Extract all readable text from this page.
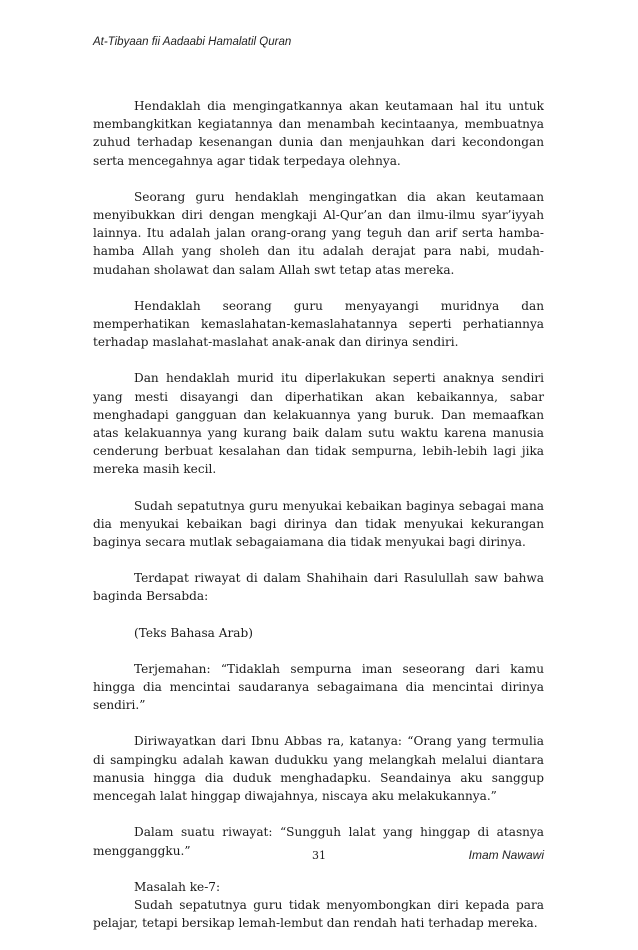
At-Tibyaan fii Aadaabi Hamalatil Quran

Hendaklah dia mengingatkannya akan keutamaan hal itu untuk membangkitkan kegiatannya dan menambah kecintaanya, membuatnya zuhud terhadap kesenangan dunia dan menjauhkan dari kecondongan serta mencegahnya agar tidak terpedaya olehnya.

Seorang guru hendaklah mengingatkan dia akan keutamaan menyibukkan diri dengan mengkaji Al-Qur’an dan ilmu-ilmu syar’iyyah lainnya. Itu adalah jalan orang-orang yang teguh dan arif serta hamba-hamba Allah yang sholeh dan itu adalah derajat para nabi, mudah-mudahan sholawat dan salam Allah swt tetap atas mereka.

Hendaklah seorang guru menyayangi muridnya dan memperhatikan kemaslahatan-kemaslahatannya seperti perhatiannya terhadap maslahat-maslahat anak-anak dan dirinya sendiri.

Dan hendaklah murid itu diperlakukan seperti anaknya sendiri yang mesti disayangi dan diperhatikan akan kebaikannya, sabar menghadapi gangguan dan kelakuannya yang buruk. Dan memaafkan atas kelakuannya yang kurang baik dalam sutu waktu karena manusia cenderung berbuat kesalahan dan tidak sempurna, lebih-lebih lagi jika mereka masih kecil.

Sudah sepatutnya guru menyukai kebaikan baginya sebagai mana dia menyukai kebaikan bagi dirinya dan tidak menyukai kekurangan baginya secara mutlak sebagaiamana dia tidak menyukai bagi dirinya.

Terdapat riwayat di dalam Shahihain dari Rasulullah saw bahwa baginda Bersabda:

(Teks Bahasa Arab)

Terjemahan: “Tidaklah sempurna iman seseorang dari kamu hingga dia mencintai saudaranya sebagaimana dia mencintai dirinya sendiri.”

Diriwayatkan dari Ibnu Abbas ra, katanya: “Orang yang termulia di sampingku adalah kawan dudukku yang melangkah melalui diantara manusia hingga dia duduk menghadapku. Seandainya aku sanggup mencegah lalat hinggap diwajahnya, niscaya aku melakukannya.”

Dalam suatu riwayat: “Sungguh lalat yang hinggap di atasnya mengganggku.”

Masalah ke-7:

Sudah sepatutnya guru tidak menyombongkan diri kepada para pelajar, tetapi bersikap lemah-lembut dan rendah hati terhadap mereka.

31	Imam Nawawi
